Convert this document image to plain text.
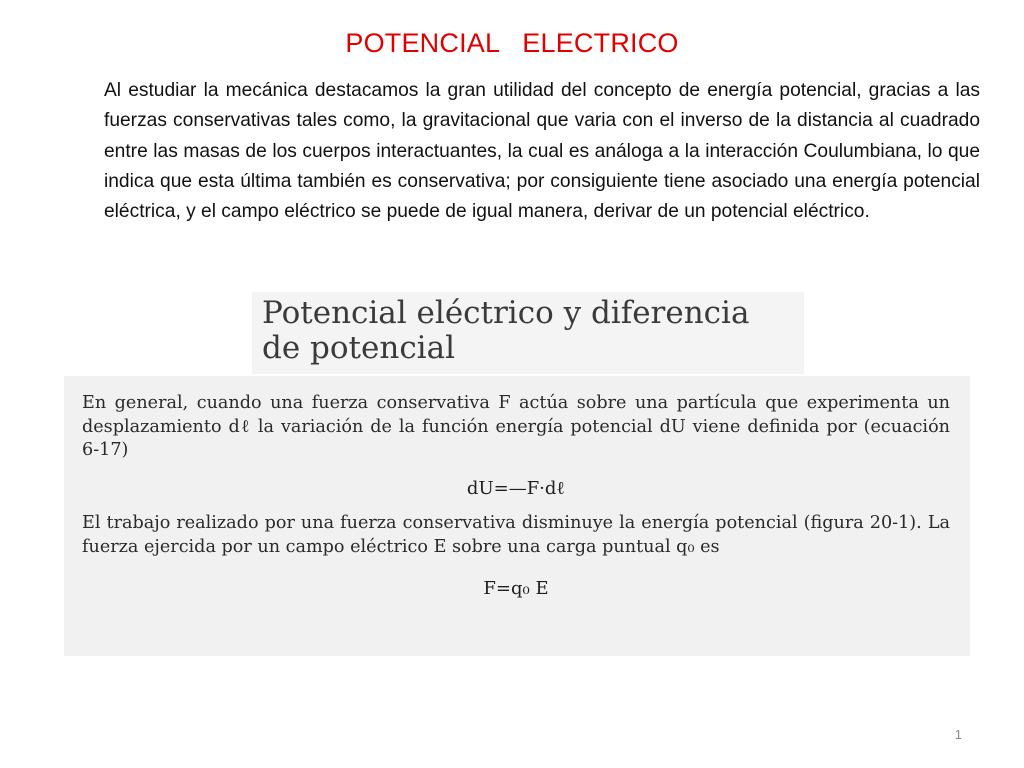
POTENCIAL   ELECTRICO

Al estudiar la mecánica destacamos la gran utilidad del concepto de energía potencial, gracias a las fuerzas conservativas tales como, la gravitacional que varia con el inverso de la distancia al cuadrado entre las masas de los cuerpos interactuantes, la cual es análoga a la interacción Coulumbiana, lo que indica que esta última también es conservativa; por consiguiente tiene asociado una energía potencial eléctrica, y el campo eléctrico se puede de igual manera, derivar de un potencial eléctrico.

Potencial eléctrico y diferencia
de potencial

En general, cuando una fuerza conservativa F actúa sobre una partícula que experimenta un desplazamiento dℓ la variación de la función energía potencial dU viene definida por (ecuación 6-17)

dU=—F·dℓ

El trabajo realizado por una fuerza conservativa disminuye la energía potencial (figura 20-1). La fuerza ejercida por un campo eléctrico E sobre una carga puntual q₀ es

F=q₀ E
1
